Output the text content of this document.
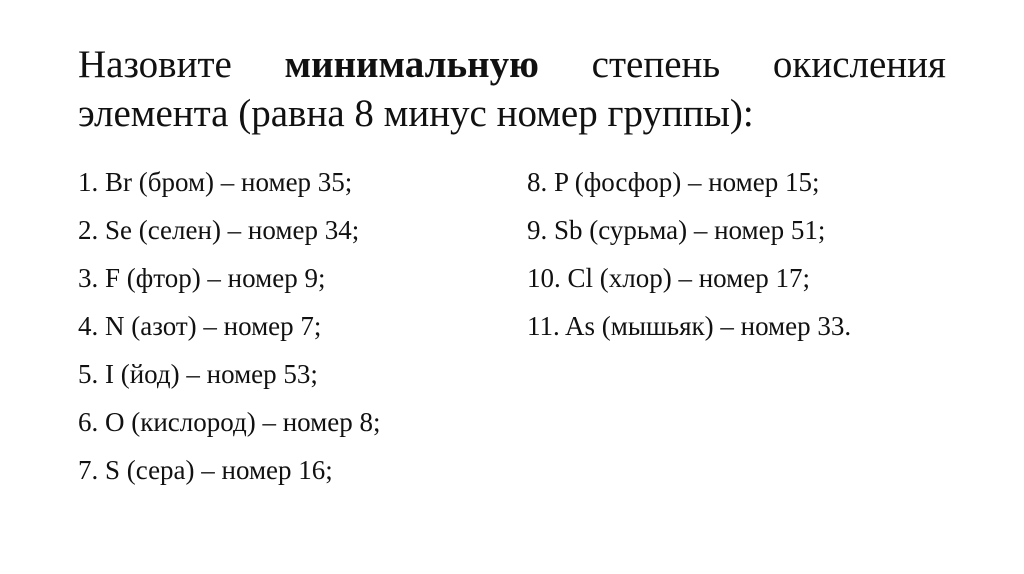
Назовите минимальную степень окисления элемента (равна 8 минус номер группы):
1. Br (бром) – номер 35;
2. Se (селен) – номер 34;
3. F (фтор) – номер 9;
4. N (азот) – номер 7;
5. I (йод) – номер 53;
6. O (кислород) – номер 8;
7. S (сера) – номер 16;
8. P (фосфор) – номер 15;
9. Sb (сурьма) – номер 51;
10. Cl (хлор) – номер 17;
11. As (мышьяк) – номер 33.
